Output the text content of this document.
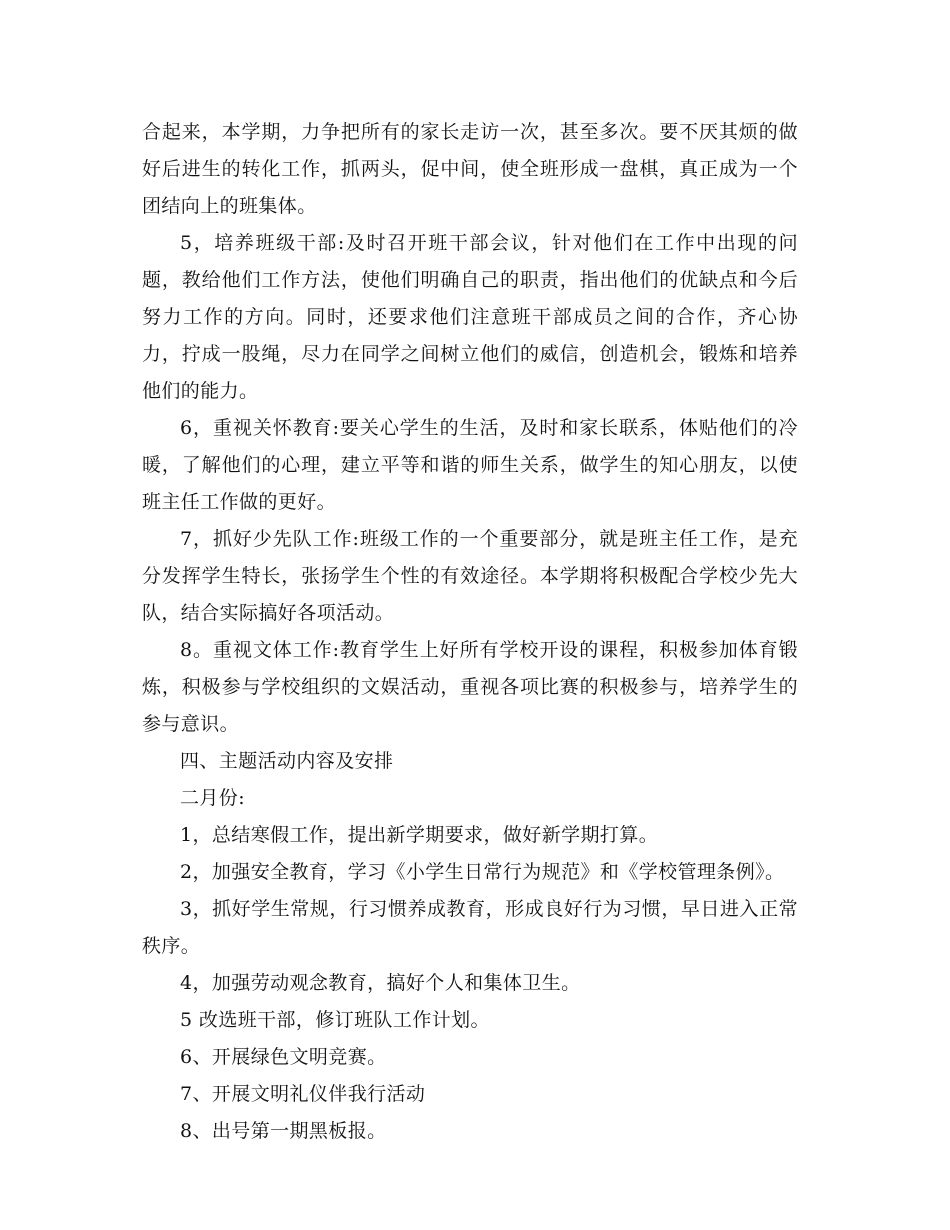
合起来，本学期，力争把所有的家长走访一次，甚至多次。要不厌其烦的做好后进生的转化工作，抓两头，促中间，使全班形成一盘棋，真正成为一个团结向上的班集体。

5，培养班级干部:及时召开班干部会议，针对他们在工作中出现的问题，教给他们工作方法，使他们明确自己的职责，指出他们的优缺点和今后努力工作的方向。同时，还要求他们注意班干部成员之间的合作，齐心协力，拧成一股绳，尽力在同学之间树立他们的威信，创造机会，锻炼和培养他们的能力。

6，重视关怀教育:要关心学生的生活，及时和家长联系，体贴他们的冷暖，了解他们的心理，建立平等和谐的师生关系，做学生的知心朋友，以使班主任工作做的更好。

7，抓好少先队工作:班级工作的一个重要部分，就是班主任工作，是充分发挥学生特长，张扬学生个性的有效途径。本学期将积极配合学校少先大队，结合实际搞好各项活动。

8。重视文体工作:教育学生上好所有学校开设的课程，积极参加体育锻炼，积极参与学校组织的文娱活动，重视各项比赛的积极参与，培养学生的参与意识。

四、主题活动内容及安排

二月份:

1，总结寒假工作，提出新学期要求，做好新学期打算。

2，加强安全教育，学习《小学生日常行为规范》和《学校管理条例》。

3，抓好学生常规，行习惯养成教育，形成良好行为习惯，早日进入正常秩序。

4，加强劳动观念教育，搞好个人和集体卫生。

5 改选班干部，修订班队工作计划。

6、开展绿色文明竞赛。

7、开展文明礼仪伴我行活动

8、出号第一期黑板报。
